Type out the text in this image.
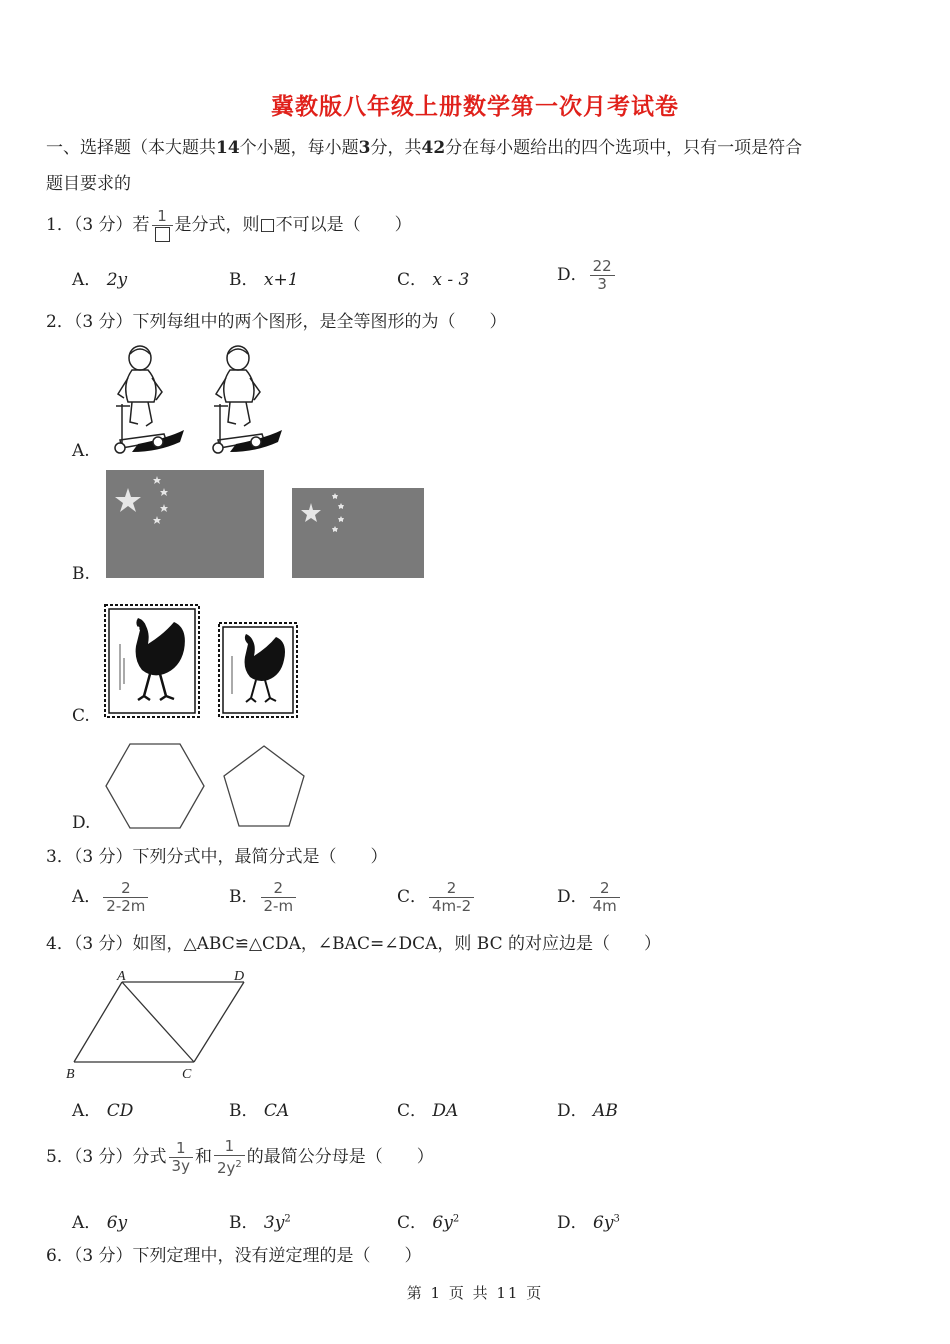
冀教版八年级上册数学第一次月考试卷
一、选择题（本大题共14个小题，每小题3分，共42分在每小题给出的四个选项中，只有一项是符合
题目要求的
1．（3 分）若 1 是分式，则□不可以是（　　）
A． 2y	B． x+1	C． x - 3	D． $\frac{22}{3}$
2．（3 分）下列每组中的两个图形，是全等图形的为（　　）
A.
B.
C.
D.
3．（3 分）下列分式中，最简分式是（　　）
A． $\frac{2}{2-2m}$	B． $\frac{2}{2-m}$	C． $\frac{2}{4m-2}$	D． $\frac{2}{4m}$
4．（3 分）如图，△ABC≌△CDA，∠BAC=∠DCA，则 BC 的对应边是（　　）
A	D
B	C
A． CD	B． CA	C． DA	D． AB
5．（3 分）分式 $\frac{1}{3y}$ 和 $\frac{1}{2y^2}$ 的最简公分母是（　　）
A． 6y	B． $3y^2$	C． $6y^2$	D． $6y^3$
6．（3 分）下列定理中，没有逆定理的是（　　）
第 1 页 共 11 页
